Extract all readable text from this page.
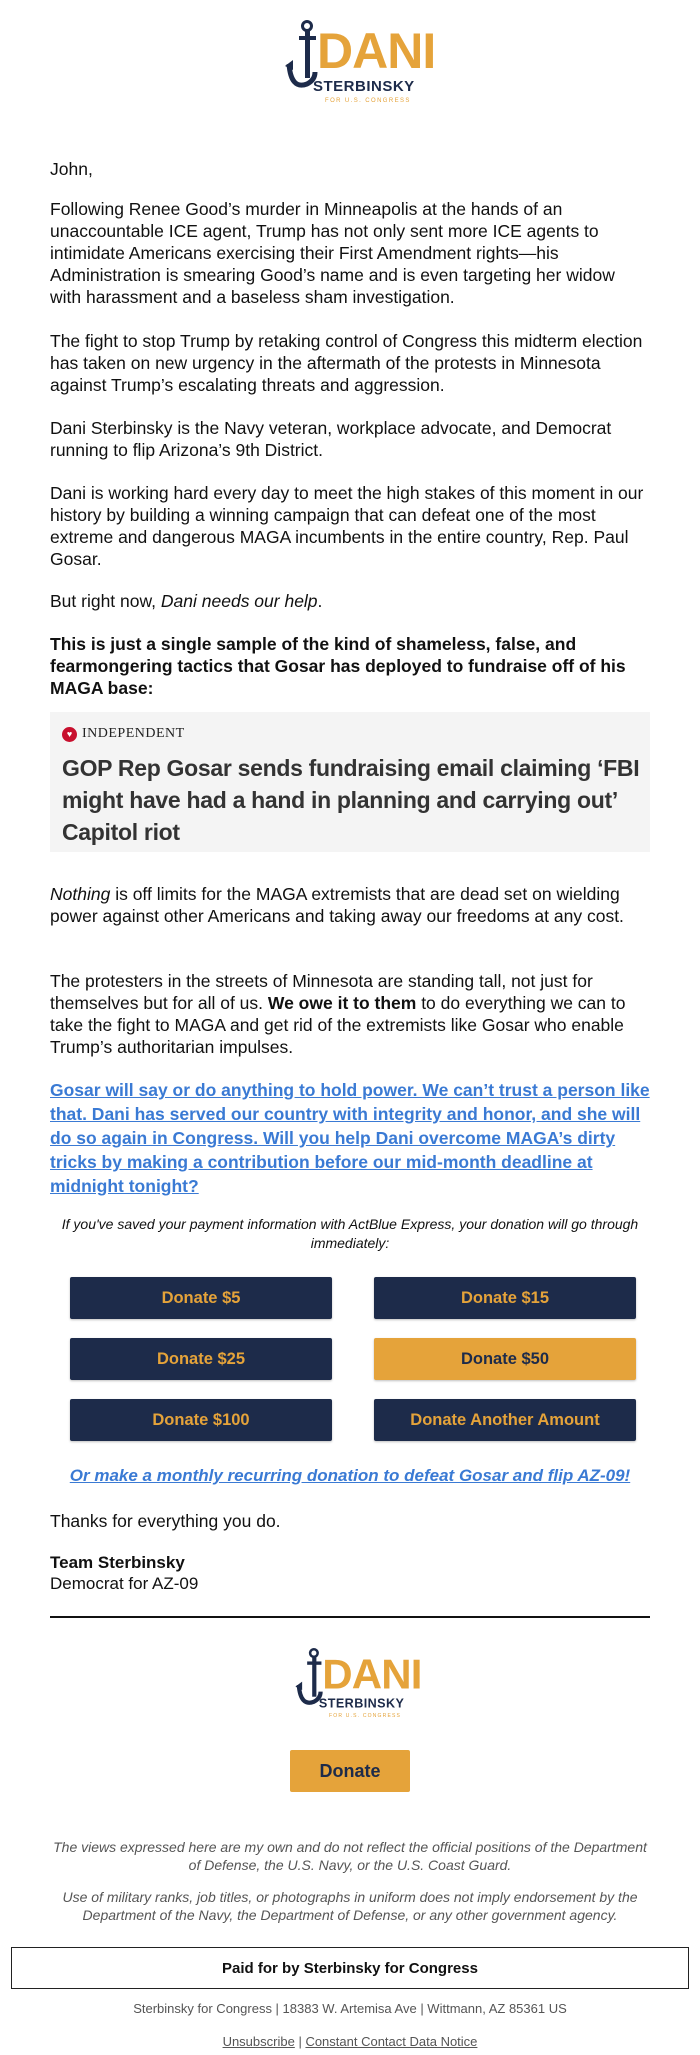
DANI
STERBINSKY
FOR U.S. CONGRESS

John,

Following Renee Good’s murder in Minneapolis at the hands of an unaccountable ICE agent, Trump has not only sent more ICE agents to intimidate Americans exercising their First Amendment rights—his Administration is smearing Good’s name and is even targeting her widow with harassment and a baseless sham investigation.

The fight to stop Trump by retaking control of Congress this midterm election has taken on new urgency in the aftermath of the protests in Minnesota against Trump’s escalating threats and aggression.

Dani Sterbinsky is the Navy veteran, workplace advocate, and Democrat running to flip Arizona’s 9th District.

Dani is working hard every day to meet the high stakes of this moment in our history by building a winning campaign that can defeat one of the most extreme and dangerous MAGA incumbents in the entire country, Rep. Paul Gosar.

But right now, Dani needs our help.

This is just a single sample of the kind of shameless, false, and fearmongering tactics that Gosar has deployed to fundraise off of his MAGA base:

♥ INDEPENDENT
GOP Rep Gosar sends fundraising email claiming ‘FBI might have had a hand in planning and carrying out’ Capitol riot

Nothing is off limits for the MAGA extremists that are dead set on wielding power against other Americans and taking away our freedoms at any cost.

The protesters in the streets of Minnesota are standing tall, not just for themselves but for all of us. We owe it to them to do everything we can to take the fight to MAGA and get rid of the extremists like Gosar who enable Trump’s authoritarian impulses.

Gosar will say or do anything to hold power. We can’t trust a person like that. Dani has served our country with integrity and honor, and she will do so again in Congress. Will you help Dani overcome MAGA’s dirty tricks by making a contribution before our mid-month deadline at midnight tonight?
If you've saved your payment information with ActBlue Express, your donation will go through immediately:
Donate $5	Donate $15
Donate $25	Donate $50
Donate $100	Donate Another Amount
Or make a monthly recurring donation to defeat Gosar and flip AZ-09!

Thanks for everything you do.

Team Sterbinsky

Democrat for AZ-09

DANI
STERBINSKY
FOR U.S. CONGRESS
Donate
The views expressed here are my own and do not reflect the official positions of the Department of Defense, the U.S. Navy, or the U.S. Coast Guard.
Use of military ranks, job titles, or photographs in uniform does not imply endorsement by the Department of the Navy, the Department of Defense, or any other government agency.
Paid for by Sterbinsky for Congress
Sterbinsky for Congress | 18383 W. Artemisa Ave | Wittmann, AZ 85361 US
Unsubscribe | Constant Contact Data Notice
